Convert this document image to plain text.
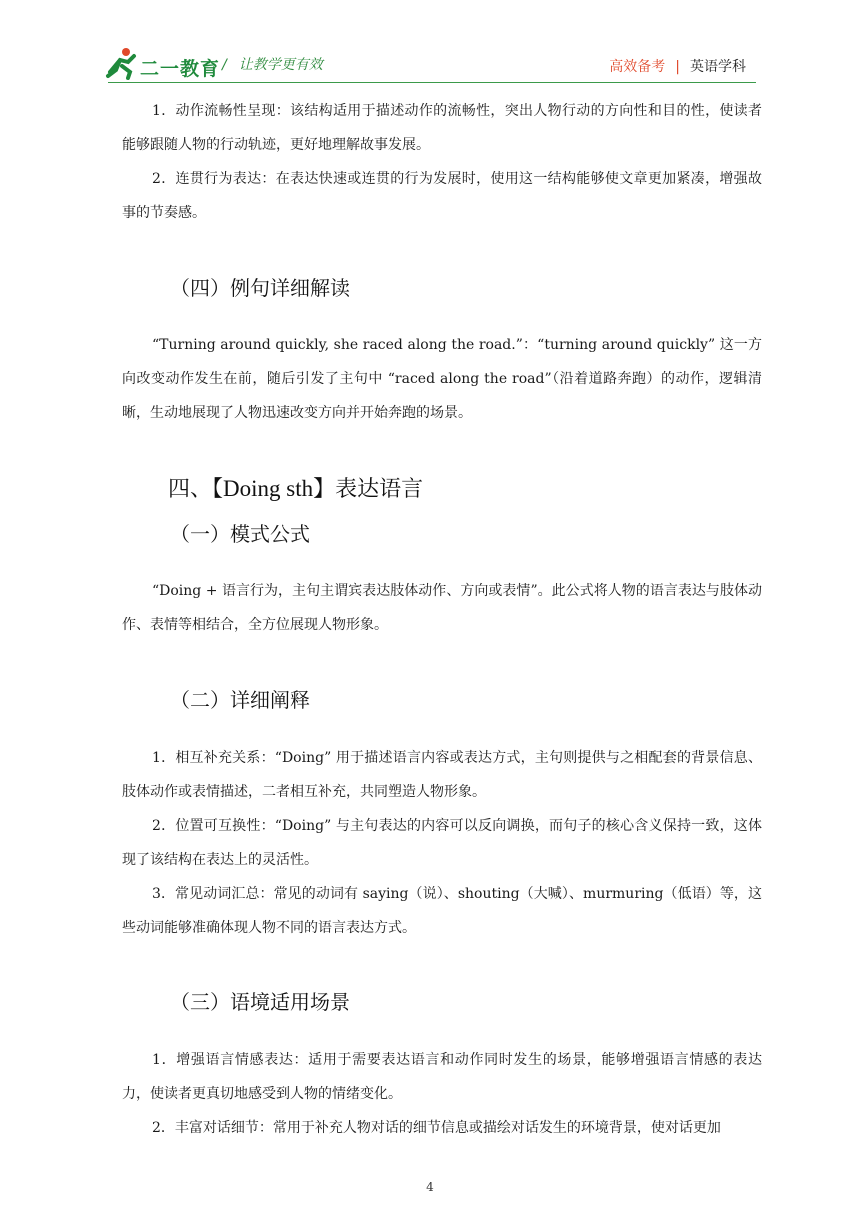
二一教育 / 让教学更有效	高效备考 | 英语学科
1．动作流畅性呈现：该结构适用于描述动作的流畅性，突出人物行动的方向性和目的性，使读者能够跟随人物的行动轨迹，更好地理解故事发展。
2．连贯行为表达：在表达快速或连贯的行为发展时，使用这一结构能够使文章更加紧凑，增强故事的节奏感。
（四）例句详细解读
“Turning around quickly, she raced along the road.”：“turning around quickly” 这一方向改变动作发生在前，随后引发了主句中 “raced along the road”（沿着道路奔跑）的动作，逻辑清晰，生动地展现了人物迅速改变方向并开始奔跑的场景。
四、【Doing sth】表达语言
（一）模式公式
“Doing + 语言行为，主句主谓宾表达肢体动作、方向或表情”。此公式将人物的语言表达与肢体动作、表情等相结合，全方位展现人物形象。
（二）详细阐释
1．相互补充关系：“Doing” 用于描述语言内容或表达方式，主句则提供与之相配套的背景信息、肢体动作或表情描述，二者相互补充，共同塑造人物形象。
2．位置可互换性：“Doing” 与主句表达的内容可以反向调换，而句子的核心含义保持一致，这体现了该结构在表达上的灵活性。
3．常见动词汇总：常见的动词有 saying（说）、shouting（大喊）、murmuring（低语）等，这些动词能够准确体现人物不同的语言表达方式。
（三）语境适用场景
1．增强语言情感表达：适用于需要表达语言和动作同时发生的场景，能够增强语言情感的表达力，使读者更真切地感受到人物的情绪变化。
2．丰富对话细节：常用于补充人物对话的细节信息或描绘对话发生的环境背景，使对话更加
4
